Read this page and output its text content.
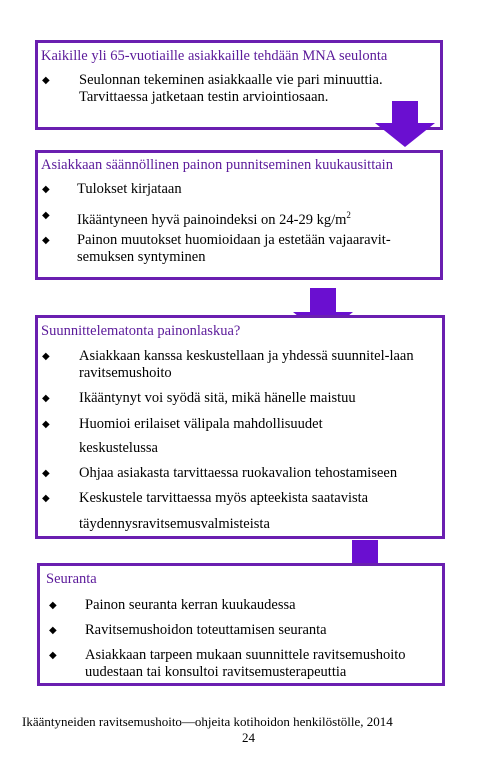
Kaikille yli 65-vuotiaille asiakkaille tehdään MNA seulonta
◆ Seulonnan tekeminen asiakkaalle vie pari minuuttia. Tarvittaessa jatketaan testin arviointiosaan.
Asiakkaan säännöllinen painon punnitseminen kuukausittain
◆ Tulokset kirjataan
◆ Ikääntyneen hyvä painoindeksi on 24-29 $kg/m^2$
◆ Painon muutokset huomioidaan ja estetään vajaaravit-semuksen syntyminen
Suunnittelematonta painonlaskua?
◆ Asiakkaan kanssa keskustellaan ja yhdessä suunnitel-laan ravitsemushoito
◆ Ikääntynyt voi syödä sitä, mikä hänelle maistuu
◆ Huomioi erilaiset välipala mahdollisuudet
keskustelussa
◆ Ohjaa asiakasta tarvittaessa ruokavalion tehostamiseen
◆ Keskustele tarvittaessa myös apteekista saatavista
täydennysravitsemusvalmisteista
Seuranta
◆ Painon seuranta kerran kuukaudessa
◆ Ravitsemushoidon toteuttamisen seuranta
◆ Asiakkaan tarpeen mukaan suunnittele ravitsemushoito uudestaan tai konsultoi ravitsemusterapeuttia
Ikääntyneiden ravitsemushoito—ohjeita kotihoidon henkilöstölle, 2014
24
